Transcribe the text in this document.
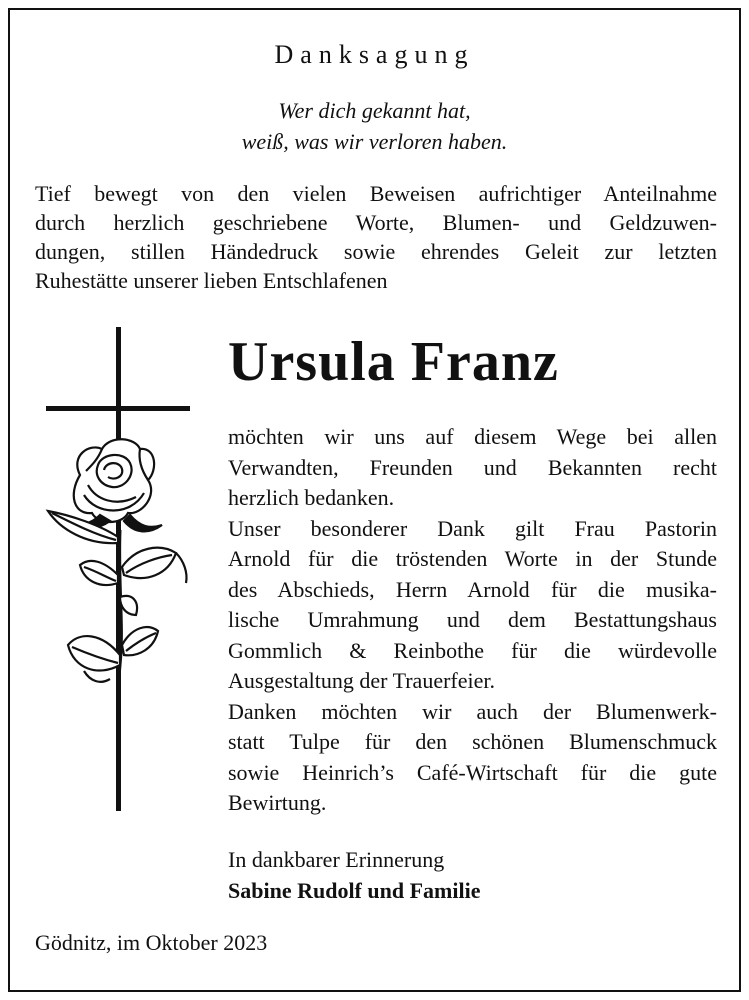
Danksagung
Wer dich gekannt hat,
weiß, was wir verloren haben.
Tief bewegt von den vielen Beweisen aufrichtiger Anteilnahme
durch herzlich geschriebene Worte, Blumen- und Geldzuwen-
dungen, stillen Händedruck sowie ehrendes Geleit zur letzten
Ruhestätte unserer lieben Entschlafenen
Ursula Franz
möchten wir uns auf diesem Wege bei allen
Verwandten, Freunden und Bekannten recht
herzlich bedanken.
Unser besonderer Dank gilt Frau Pastorin
Arnold für die tröstenden Worte in der Stunde
des Abschieds, Herrn Arnold für die musika-
lische Umrahmung und dem Bestattungshaus
Gommlich & Reinbothe für die würdevolle
Ausgestaltung der Trauerfeier.
Danken möchten wir auch der Blumenwerk-
statt Tulpe für den schönen Blumenschmuck
sowie Heinrich’s Café-Wirtschaft für die gute
Bewirtung.
In dankbarer Erinnerung
Sabine Rudolf und Familie
Gödnitz, im Oktober 2023
